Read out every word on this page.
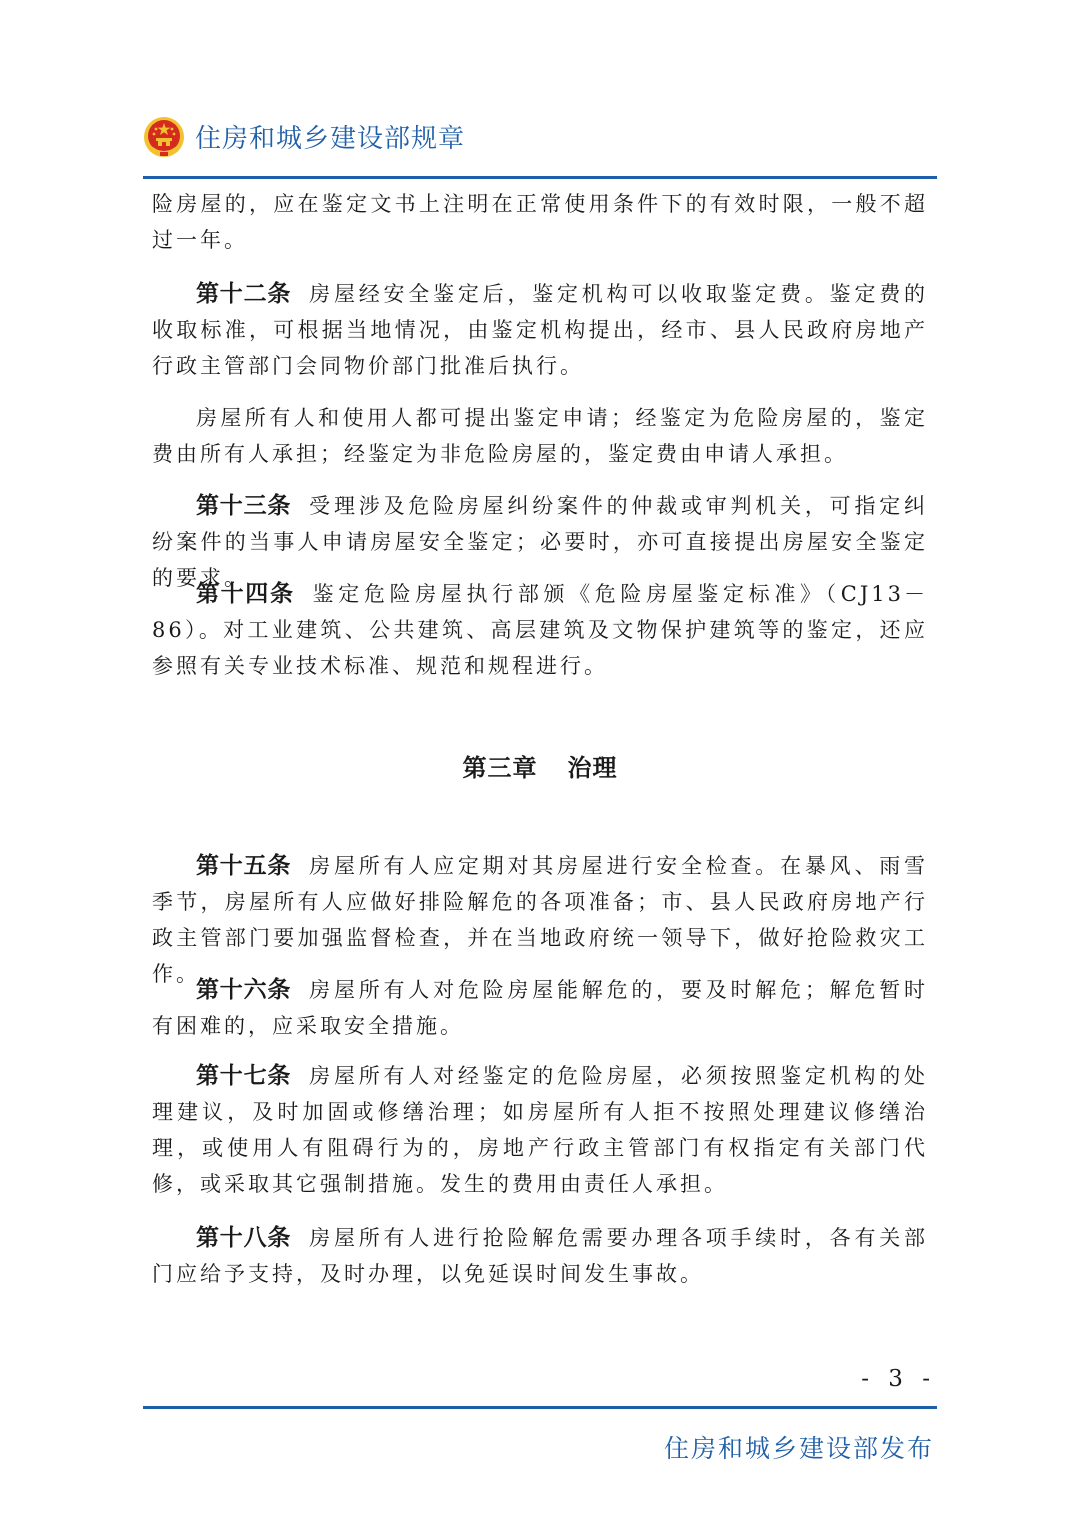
住房和城乡建设部规章

险房屋的，应在鉴定文书上注明在正常使用条件下的有效时限，一般不超过一年。

第十二条 房屋经安全鉴定后，鉴定机构可以收取鉴定费。鉴定费的收取标准，可根据当地情况，由鉴定机构提出，经市、县人民政府房地产行政主管部门会同物价部门批准后执行。

房屋所有人和使用人都可提出鉴定申请；经鉴定为危险房屋的，鉴定费由所有人承担；经鉴定为非危险房屋的，鉴定费由申请人承担。

第十三条 受理涉及危险房屋纠纷案件的仲裁或审判机关，可指定纠纷案件的当事人申请房屋安全鉴定；必要时，亦可直接提出房屋安全鉴定的要求。

第十四条 鉴定危险房屋执行部颁《危险房屋鉴定标准》（CJ13－86）。对工业建筑、公共建筑、高层建筑及文物保护建筑等的鉴定，还应参照有关专业技术标准、规范和规程进行。

第三章 治理

第十五条 房屋所有人应定期对其房屋进行安全检查。在暴风、雨雪季节，房屋所有人应做好排险解危的各项准备；市、县人民政府房地产行政主管部门要加强监督检查，并在当地政府统一领导下，做好抢险救灾工作。

第十六条 房屋所有人对危险房屋能解危的，要及时解危；解危暂时有困难的，应采取安全措施。

第十七条 房屋所有人对经鉴定的危险房屋，必须按照鉴定机构的处理建议，及时加固或修缮治理；如房屋所有人拒不按照处理建议修缮治理，或使用人有阻碍行为的，房地产行政主管部门有权指定有关部门代修，或采取其它强制措施。发生的费用由责任人承担。

第十八条 房屋所有人进行抢险解危需要办理各项手续时，各有关部门应给予支持，及时办理，以免延误时间发生事故。

- 3 -
住房和城乡建设部发布
